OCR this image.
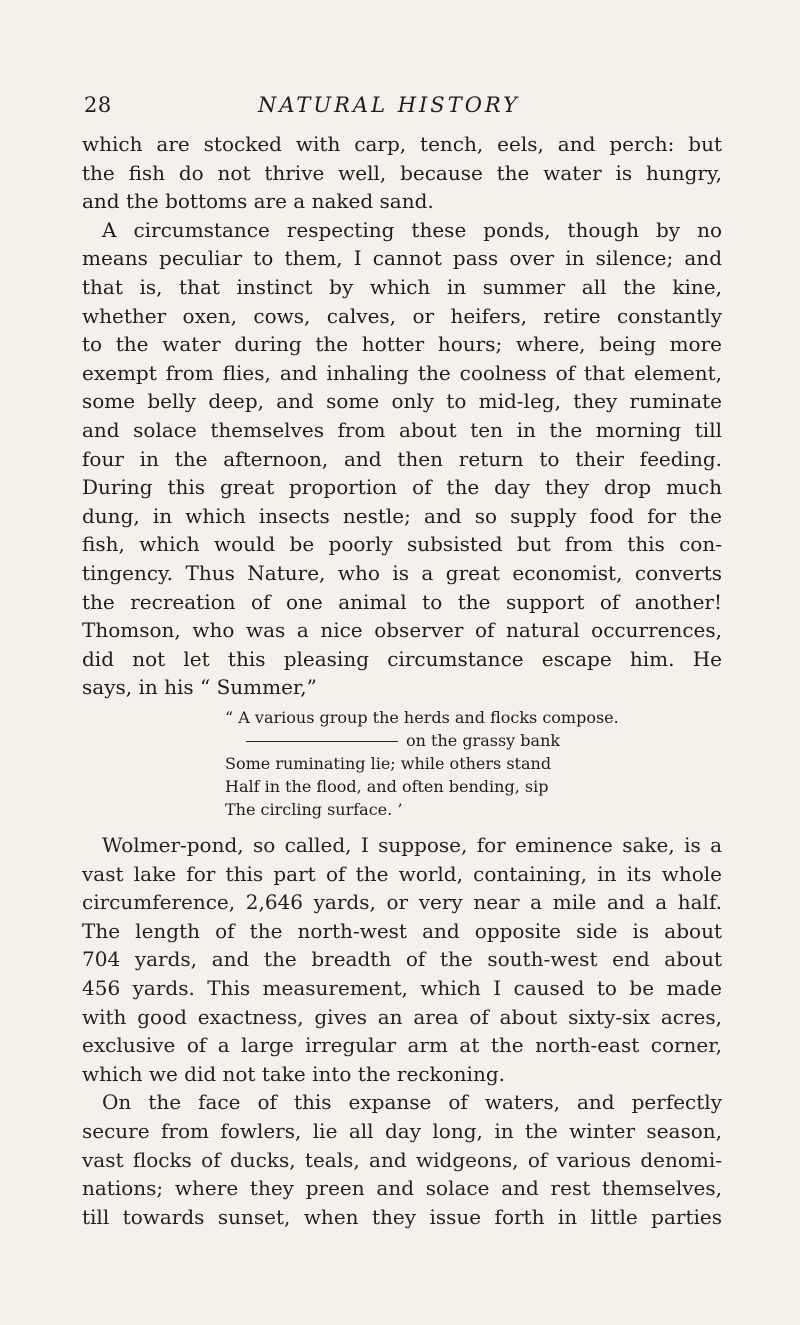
28	NATURAL HISTORY
which are stocked with carp, tench, eels, and perch: but
the fish do not thrive well, because the water is hungry,
and the bottoms are a naked sand.
A circumstance respecting these ponds, though by no
means peculiar to them, I cannot pass over in silence; and
that is, that instinct by which in summer all the kine,
whether oxen, cows, calves, or heifers, retire constantly
to the water during the hotter hours; where, being more
exempt from flies, and inhaling the coolness of that element,
some belly deep, and some only to mid-leg, they ruminate
and solace themselves from about ten in the morning till
four in the afternoon, and then return to their feeding.
During this great proportion of the day they drop much
dung, in which insects nestle; and so supply food for the
fish, which would be poorly subsisted but from this con-
tingency. Thus Nature, who is a great economist, converts
the recreation of one animal to the support of another!
Thomson, who was a nice observer of natural occurrences,
did not let this pleasing circumstance escape him. He
says, in his “ Summer,”
“ A various group the herds and flocks compose.
on the grassy bank
Some ruminating lie; while others stand
Half in the flood, and often bending, sip
The circling surface. ’
Wolmer-pond, so called, I suppose, for eminence sake, is a
vast lake for this part of the world, containing, in its whole
circumference, 2,646 yards, or very near a mile and a half.
The length of the north-west and opposite side is about
704 yards, and the breadth of the south-west end about
456 yards. This measurement, which I caused to be made
with good exactness, gives an area of about sixty-six acres,
exclusive of a large irregular arm at the north-east corner,
which we did not take into the reckoning.
On the face of this expanse of waters, and perfectly
secure from fowlers, lie all day long, in the winter season,
vast flocks of ducks, teals, and widgeons, of various denomi-
nations; where they preen and solace and rest themselves,
till towards sunset, when they issue forth in little parties
